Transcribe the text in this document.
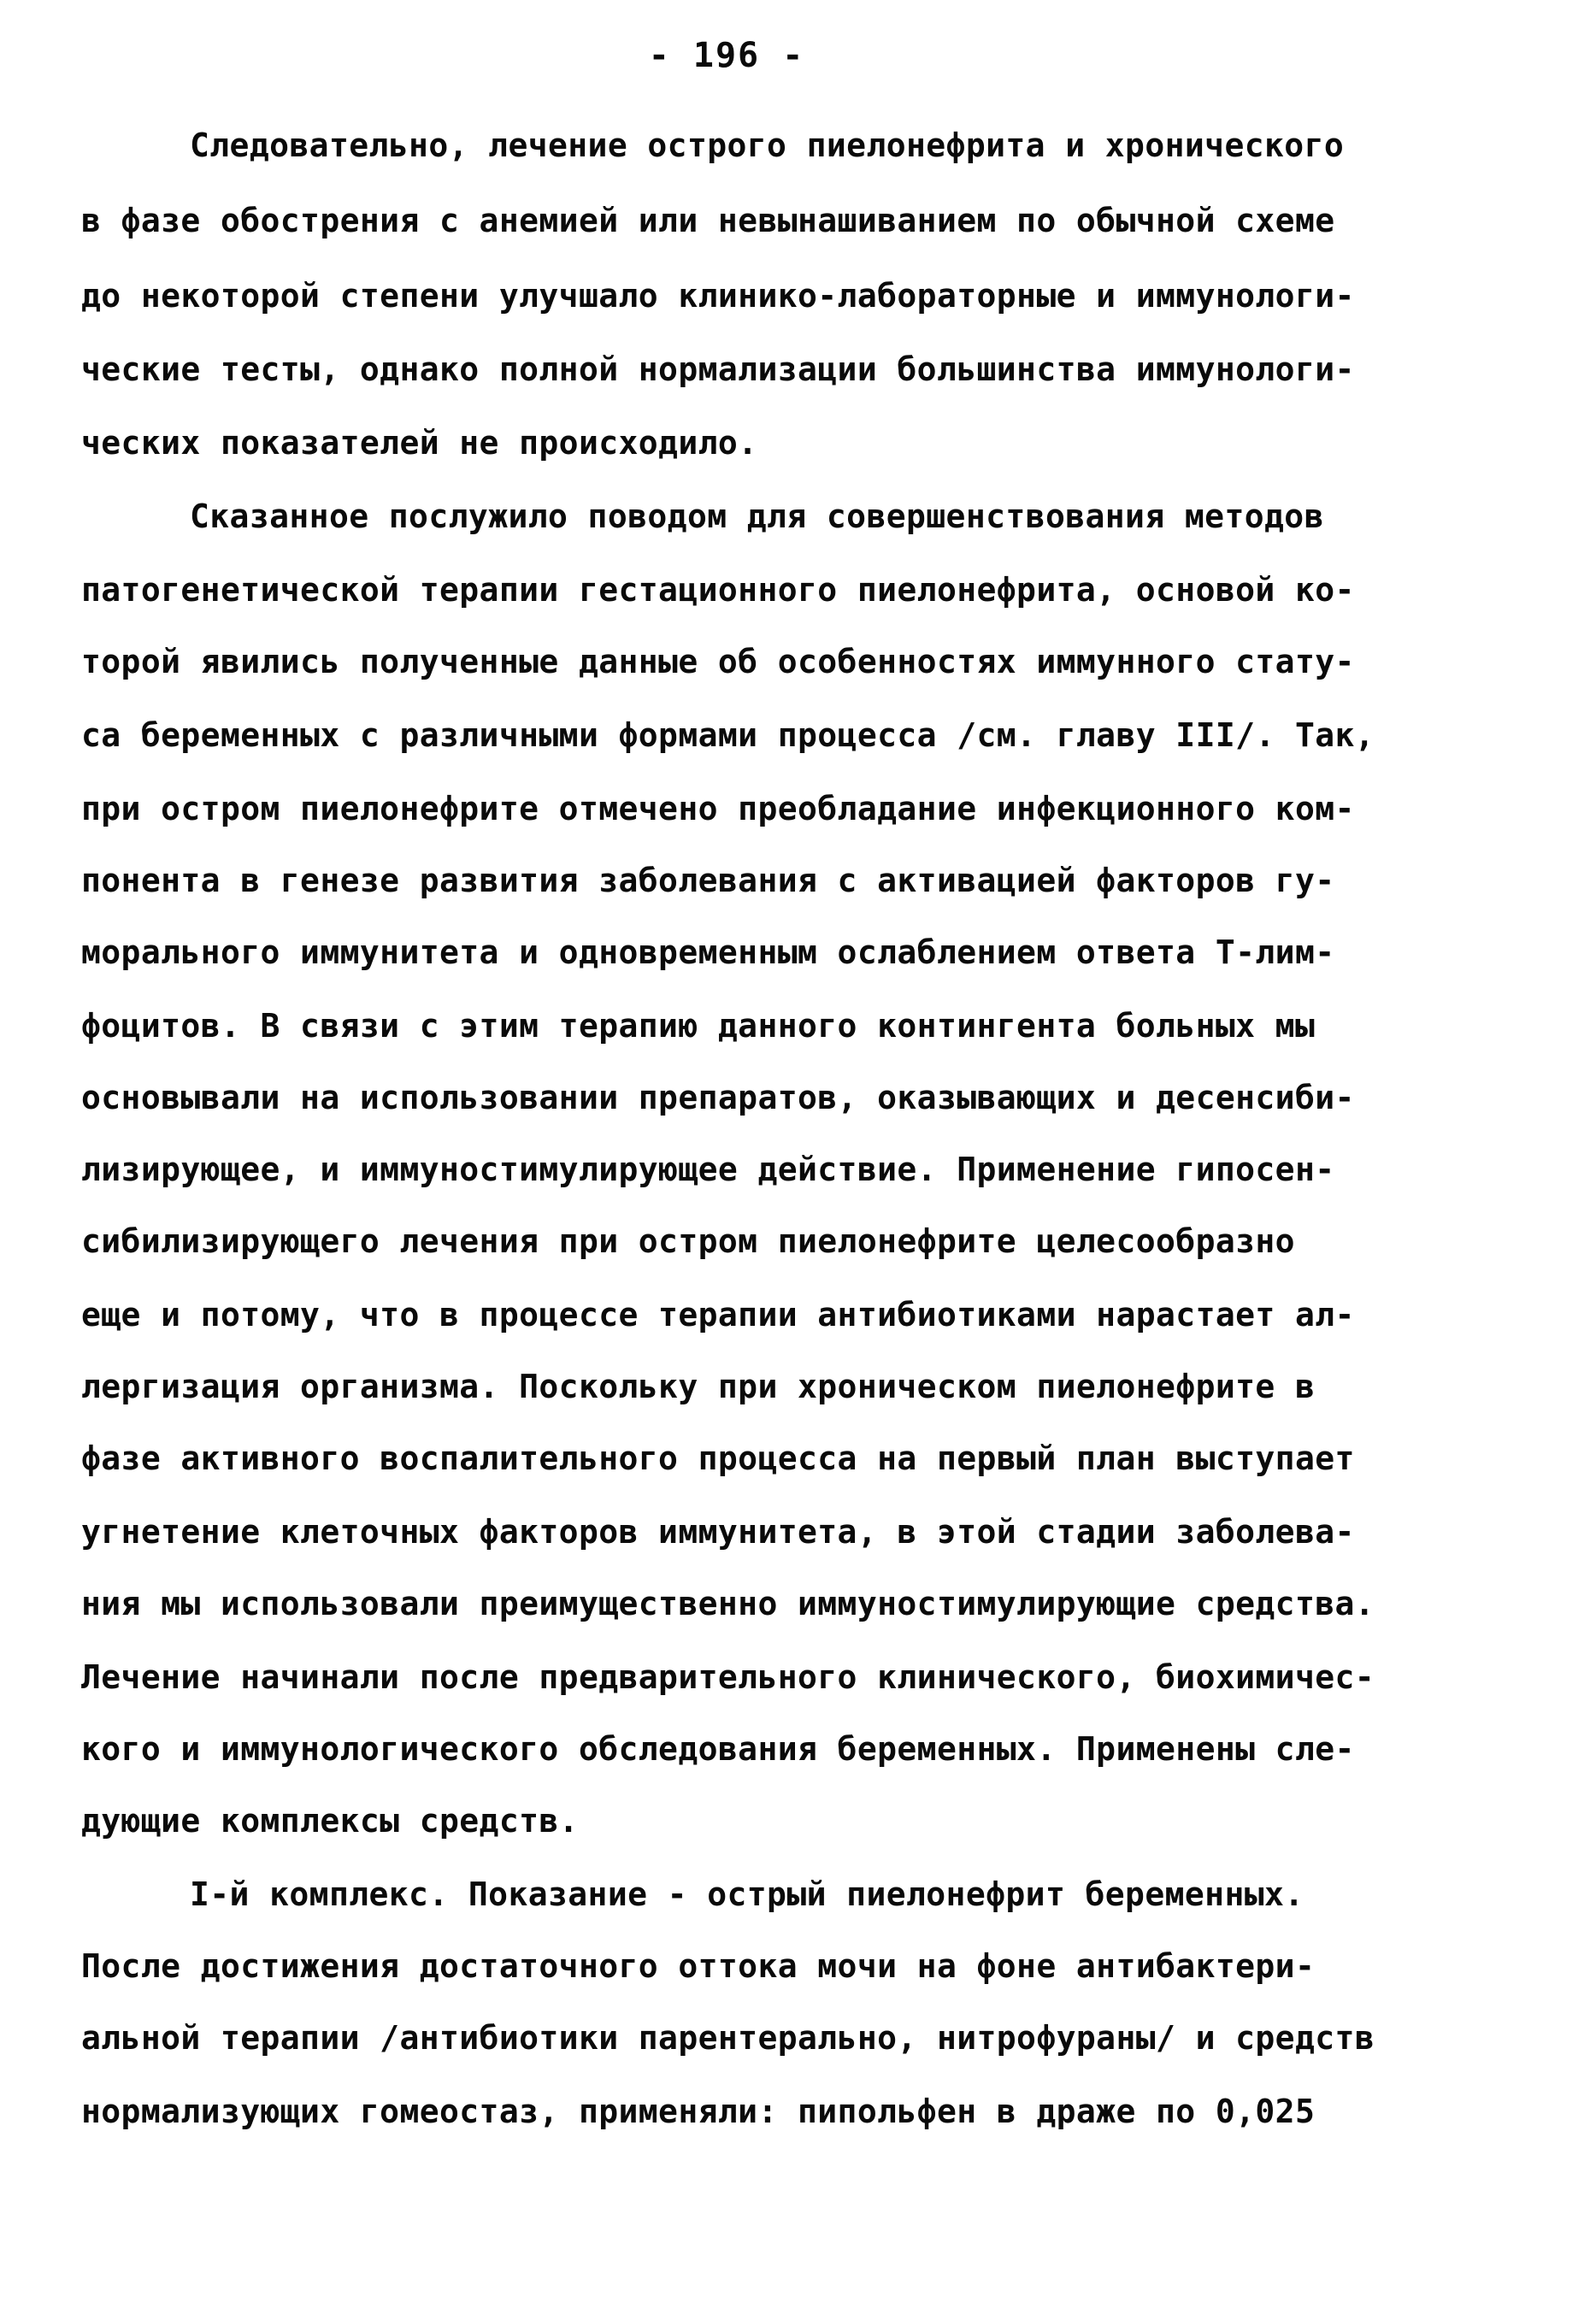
- 196 -
Следовательно, лечение острого пиелонефрита и хронического
в фазе обострения с анемией или невынашиванием по обычной схеме
до некоторой степени улучшало клинико-лабораторные и иммунологи-
ческие тесты, однако полной нормализации большинства иммунологи-
ческих показателей не происходило.
Сказанное послужило поводом для совершенствования методов
патогенетической терапии гестационного пиелонефрита, основой ко-
торой явились полученные данные об особенностях иммунного стату-
са беременных с различными формами процесса /см. главу III/. Так,
при остром пиелонефрите отмечено преобладание инфекционного ком-
понента в генезе развития заболевания с активацией факторов гу-
морального иммунитета и одновременным ослаблением ответа Т-лим-
фоцитов. В связи с этим терапию данного контингента больных мы
основывали на использовании препаратов, оказывающих и десенсиби-
лизирующее, и иммуностимулирующее действие. Применение гипосен-
сибилизирующего лечения при остром пиелонефрите целесообразно
еще и потому, что в процессе терапии антибиотиками нарастает ал-
лергизация организма. Поскольку при хроническом пиелонефрите в
фазе активного воспалительного процесса на первый план выступает
угнетение клеточных факторов иммунитета, в этой стадии заболева-
ния мы использовали преимущественно иммуностимулирующие средства.
Лечение начинали после предварительного клинического, биохимичес-
кого и иммунологического обследования беременных. Применены сле-
дующие комплексы средств.
I-й комплекс. Показание - острый пиелонефрит беременных.
После достижения достаточного оттока мочи на фоне антибактери-
альной терапии /антибиотики парентерально, нитрофураны/ и средств
нормализующих гомеостаз, применяли: пипольфен в драже по 0,025
